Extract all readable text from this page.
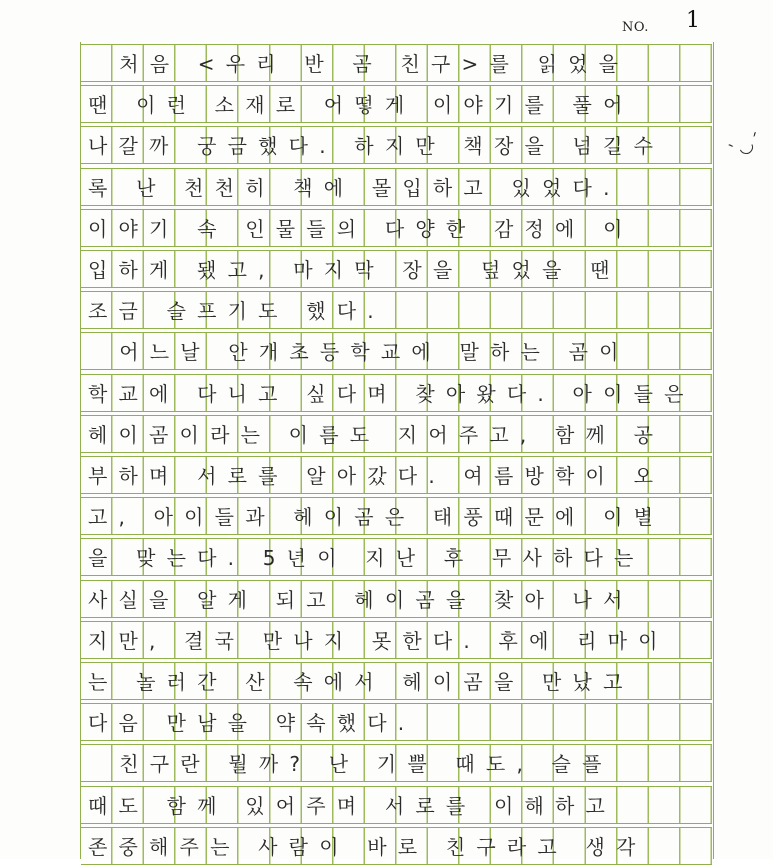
NO. 1
　처음 <우리 반 곰 친구>를 읽었을
땐 이런 소재로 어떻게 이야기를 풀어
나갈까 궁금했다. 하지만 책장을 넘길수
록 난 천천히 책에 몰입하고 있었다.
이야기 속 인물들의 다양한 감정에 이
입하게 됐고, 마지막 장을 덮었을 땐
조금 슬프기도 했다.
　어느날 안개초등학교에 말하는 곰이
학교에 다니고 싶다며 찾아왔다. 아이들은
헤이곰이라는 이름도 지어주고, 함께 공
부하며 서로를 알아갔다. 여름방학이 오
고, 아이들과 헤이곰은 태풍때문에 이별
을 맞는다. 5년이 지난 후 무사하다는
사실을 알게 되고 헤이곰을 찾아 나서
지만, 결국 만나지 못한다. 후에 리마이
는 놀러간 산 속에서 헤이곰을 만났고
다음 만남을 약속했다.
　친구란 뭘까? 난 기쁠 때도, 슬플
때도 함께 있어주며 서로를 이해하고
존중해주는 사람이 바로 친구라고 생각
ˋ◡ˊ
